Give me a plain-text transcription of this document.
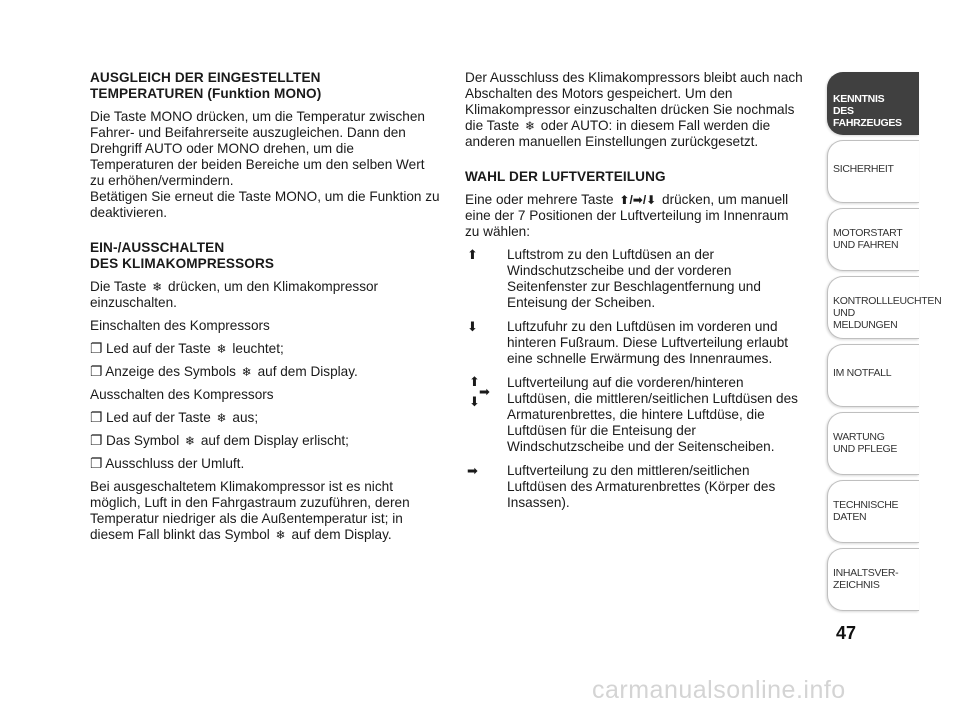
AUSGLEICH DER EINGESTELLTEN
TEMPERATUREN (Funktion MONO)

Die Taste MONO drücken, um die Temperatur zwischen Fahrer- und Beifahrerseite auszugleichen. Dann den Drehgriff AUTO oder MONO drehen, um die Temperaturen der beiden Bereiche um den selben Wert zu erhöhen/vermindern.
Betätigen Sie erneut die Taste MONO, um die Funktion zu deaktivieren.

EIN-/AUSSCHALTEN
DES KLIMAKOMPRESSORS

Die Taste ❄ drücken, um den Klimakompressor einzuschalten.

Einschalten des Kompressors

❐ Led auf der Taste ❄ leuchtet;

❐ Anzeige des Symbols ❄ auf dem Display.

Ausschalten des Kompressors

❐ Led auf der Taste ❄ aus;

❐ Das Symbol ❄ auf dem Display erlischt;

❐ Ausschluss der Umluft.

Bei ausgeschaltetem Klimakompressor ist es nicht möglich, Luft in den Fahrgastraum zuzuführen, deren Temperatur niedriger als die Außentemperatur ist; in diesem Fall blinkt das Symbol ❄ auf dem Display.

Der Ausschluss des Klimakompressors bleibt auch nach Abschalten des Motors gespeichert. Um den Klimakompressor einzuschalten drücken Sie nochmals die Taste ❄ oder AUTO: in diesem Fall werden die anderen manuellen Einstellungen zurückgesetzt.

WAHL DER LUFTVERTEILUNG

Eine oder mehrere Taste ⬆/➡/⬇ drücken, um manuell eine der 7 Positionen der Luftverteilung im Innenraum zu wählen:

⬆	Luftstrom zu den Luftdüsen an der Windschutzscheibe und der vorderen Seitenfenster zur Beschlagentfernung und Enteisung der Scheiben.
⬇	Luftzufuhr zu den Luftdüsen im vorderen und hinteren Fußraum. Diese Luftverteilung erlaubt eine schnelle Erwärmung des Innenraumes.
⬆
➡
⬇
Luftverteilung auf die vorderen/hinteren Luftdüsen, die mittleren/seitlichen Luftdüsen des Armaturenbrettes, die hintere Luftdüse, die Luftdüsen für die Enteisung der Windschutzscheibe und der Seitenscheiben.
➡	Luftverteilung zu den mittleren/seitlichen Luftdüsen des Armaturenbrettes (Körper des Insassen).
KENNTNIS
DES FAHRZEUGES
SICHERHEIT
MOTORSTART
UND FAHREN
KONTROLLLEUCHTEN
UND MELDUNGEN
IM NOTFALL
WARTUNG
UND PFLEGE
TECHNISCHE
DATEN
INHALTSVER-
ZEICHNIS
47
carmanualsonline.info
